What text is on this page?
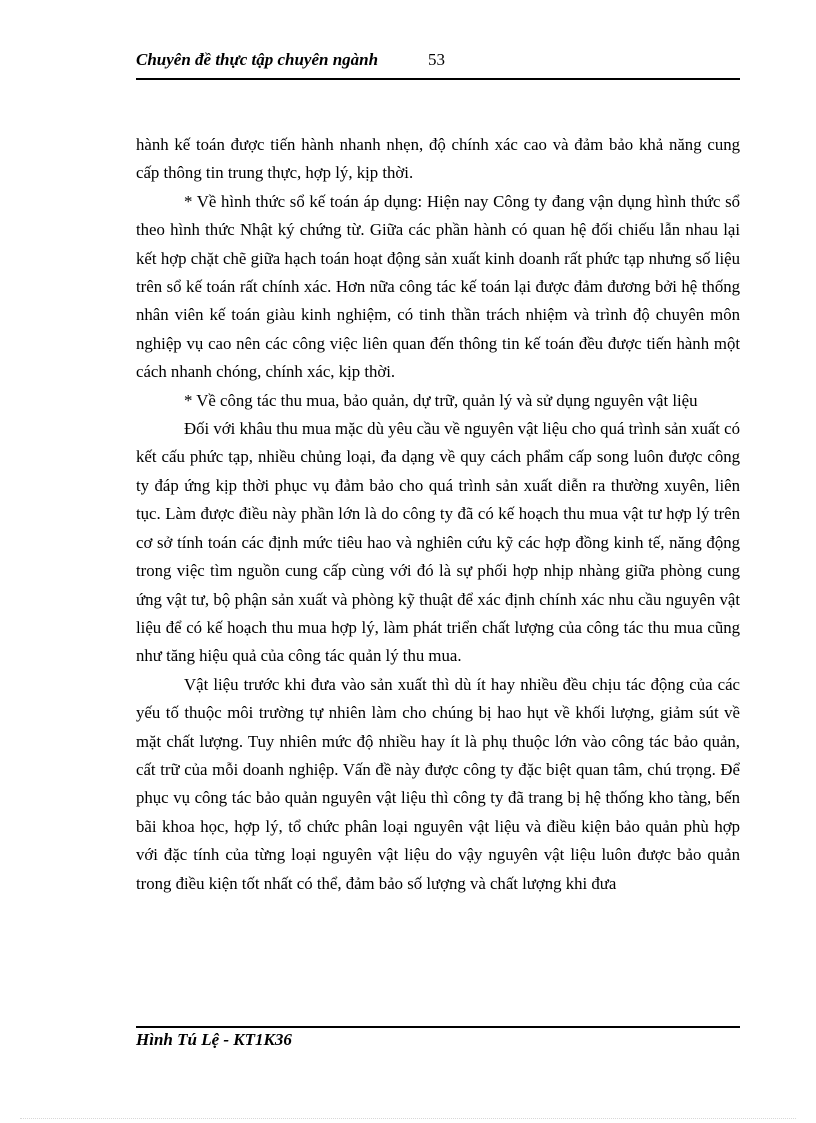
Chuyên đề thực tập chuyên ngành	53

hành kế toán được tiến hành nhanh nhẹn, độ chính xác cao và đảm bảo khả năng cung cấp thông tin trung thực, hợp lý, kịp thời.

* Về hình thức sổ kế toán áp dụng: Hiện nay Công ty đang vận dụng hình thức sổ theo hình thức Nhật ký chứng từ. Giữa các phần hành có quan hệ đối chiếu lẫn nhau lại kết hợp chặt chẽ giữa hạch toán hoạt động sản xuất kinh doanh rất phức tạp nhưng số liệu trên sổ kế toán rất chính xác. Hơn nữa công tác kế toán lại được đảm đương bởi hệ thống nhân viên kế toán giàu kinh nghiệm, có tinh thần trách nhiệm và trình độ chuyên môn nghiệp vụ cao nên các công việc liên quan đến thông tin kế toán đều được tiến hành một cách nhanh chóng, chính xác, kịp thời.

* Về công tác thu mua, bảo quản, dự trữ, quản lý và sử dụng nguyên vật liệu

Đối với khâu thu mua mặc dù yêu cầu về nguyên vật liệu cho quá trình sản xuất có kết cấu phức tạp, nhiều chủng loại, đa dạng về quy cách phẩm cấp song luôn được công ty đáp ứng kịp thời phục vụ đảm bảo cho quá trình sản xuất diễn ra thường xuyên, liên tục. Làm được điều này phần lớn là do công ty đã có kế hoạch thu mua vật tư hợp lý trên cơ sở tính toán các định mức tiêu hao và nghiên cứu kỹ các hợp đồng kinh tế, năng động trong việc tìm nguồn cung cấp cùng với đó là sự phối hợp nhịp nhàng giữa phòng cung ứng vật tư, bộ phận sản xuất và phòng kỹ thuật để xác định chính xác nhu cầu nguyên vật liệu để có kế hoạch thu mua hợp lý, làm phát triển chất lượng của công tác thu mua cũng như tăng hiệu quả của công tác quản lý thu mua.

Vật liệu trước khi đưa vào sản xuất thì dù ít hay nhiều đều chịu tác động của các yếu tố thuộc môi trường tự nhiên làm cho chúng bị hao hụt về khối lượng, giảm sút về mặt chất lượng. Tuy nhiên mức độ nhiều hay ít là phụ thuộc lớn vào công tác bảo quản, cất trữ của mỗi doanh nghiệp. Vấn đề này được công ty đặc biệt quan tâm, chú trọng. Để phục vụ công tác bảo quản nguyên vật liệu thì công ty đã trang bị hệ thống kho tàng, bến bãi khoa học, hợp lý, tổ chức phân loại nguyên vật liệu và điều kiện bảo quản phù hợp với đặc tính của từng loại nguyên vật liệu do vậy nguyên vật liệu luôn được bảo quản trong điều kiện tốt nhất có thể, đảm bảo số lượng và chất lượng khi đưa

Hình Tú Lệ - KT1K36
